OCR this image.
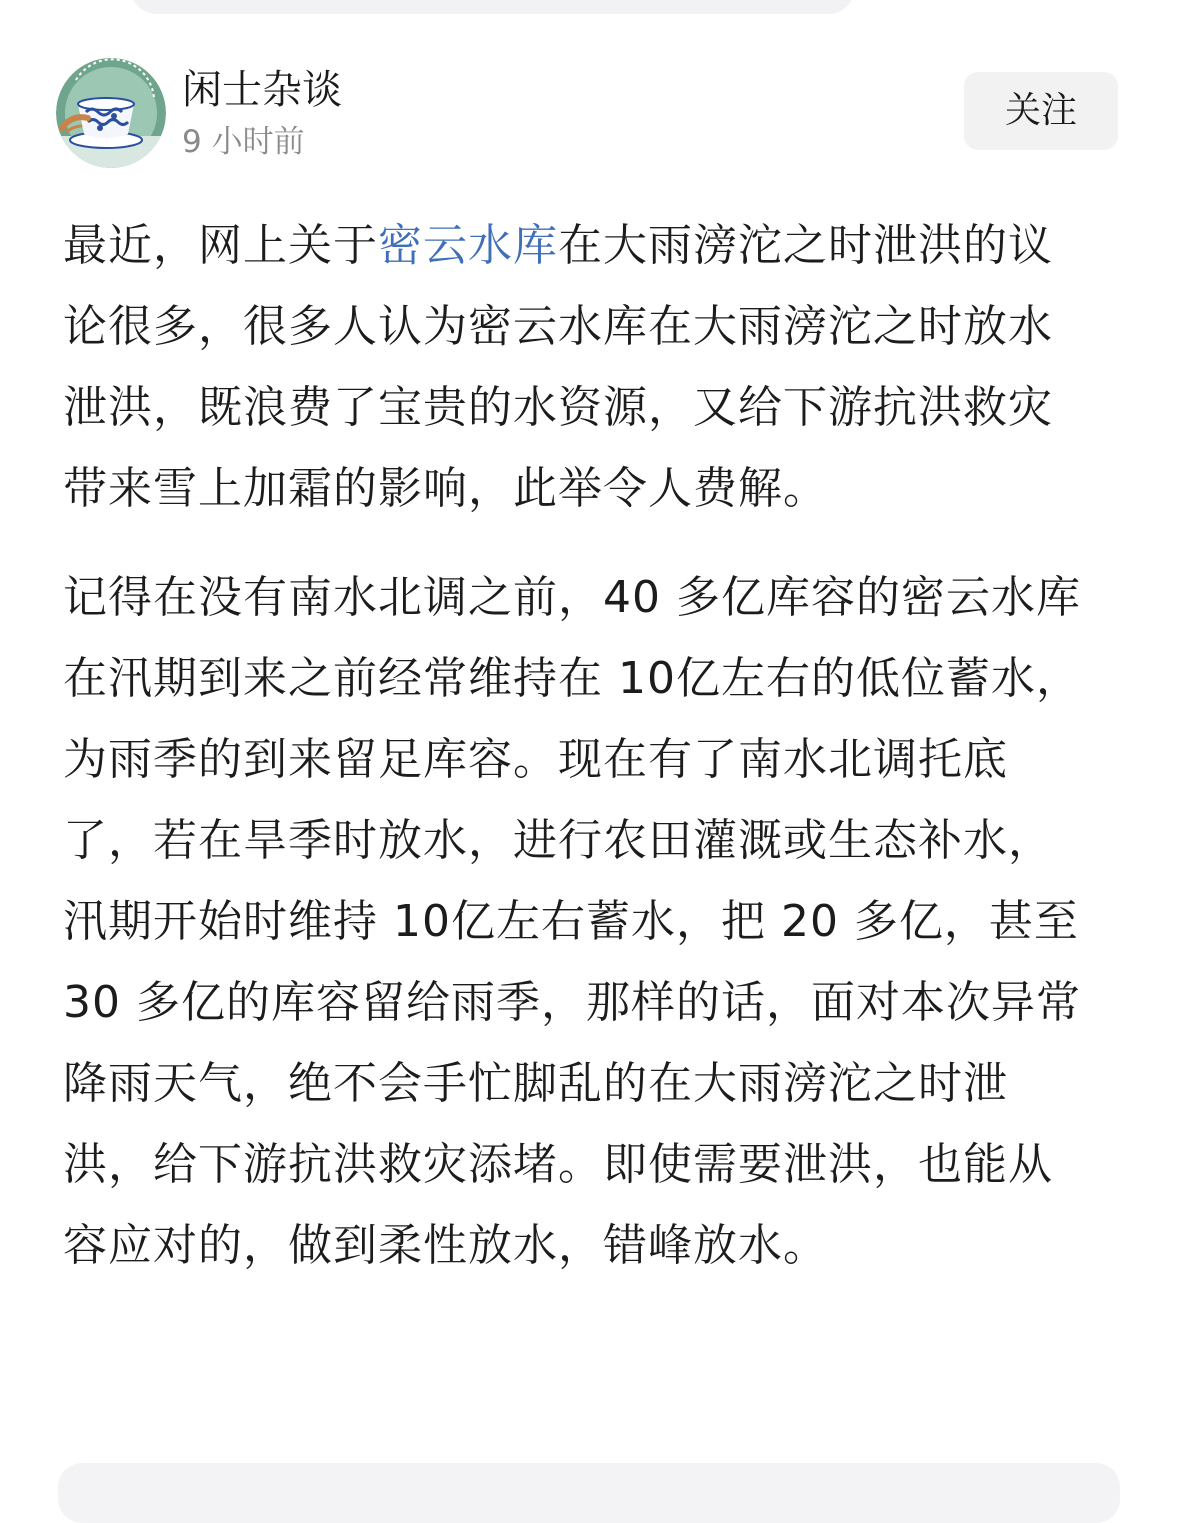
闲士杂谈
9 小时前
关注

最近，网上关于密云水库在大雨滂沱之时泄洪的议论很多，很多人认为密云水库在大雨滂沱之时放水泄洪，既浪费了宝贵的水资源，又给下游抗洪救灾带来雪上加霜的影响，此举令人费解。

记得在没有南水北调之前，40 多亿库容的密云水库在汛期到来之前经常维持在 10亿左右的低位蓄水，为雨季的到来留足库容。现在有了南水北调托底了，若在旱季时放水，进行农田灌溉或生态补水，汛期开始时维持 10亿左右蓄水，把 20 多亿，甚至 30 多亿的库容留给雨季，那样的话，面对本次异常降雨天气，绝不会手忙脚乱的在大雨滂沱之时泄洪，给下游抗洪救灾添堵。即使需要泄洪，也能从容应对的，做到柔性放水，错峰放水。
